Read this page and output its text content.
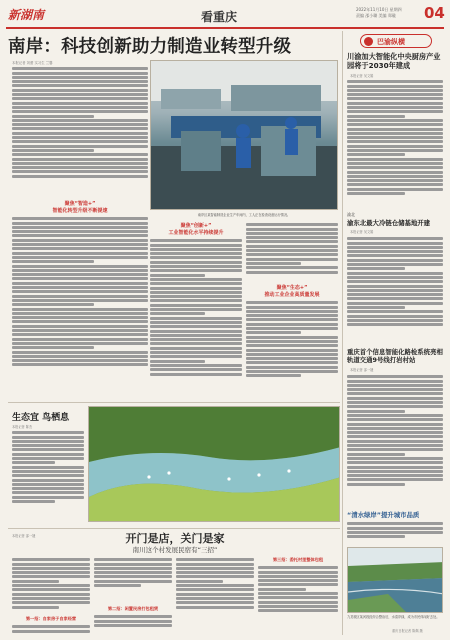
新湖南	看重庆
2022年11月10日 星期四
责编 邵小璐 美编 郑璇 04
南岸：科技创新助力制造业转型升级
本报记者 刘蕾 实习生 兰馨
南岸区某智能制造企业生产车间内，工人正在检查设备运行情况。
聚焦“智造+”
智能化转型升级不断提速
聚焦“创新+”
工业智能化水平持续提升
聚焦“生态+”
推动工业企业高质量发展
巴渝纵横
川渝加大智能化中央厨房产业园将于2030年建成
本报记者 吴文娟
渝北
渝东北最大冷链仓储基地开建
本报记者 吴文娟
重庆首个信息智能化路检系统亮相轨道交通9号线打岩村站
本报记者 邵一婕
“清水绿岸”提升城市品质
九龙坡区某河段经综合整治后，水清岸绿，成为市民休闲好去处。
重庆日报记者 陈佩 摄
生态宜 鸟栖息
本报记者 陈杰
开门是店，关门是家
南川这个村发展民宿有“三招”
本报记者 邵一婕
第一招：自家房子自家经营
第二招：闲置民房打包租赁
第三招：委托村里整体包租
